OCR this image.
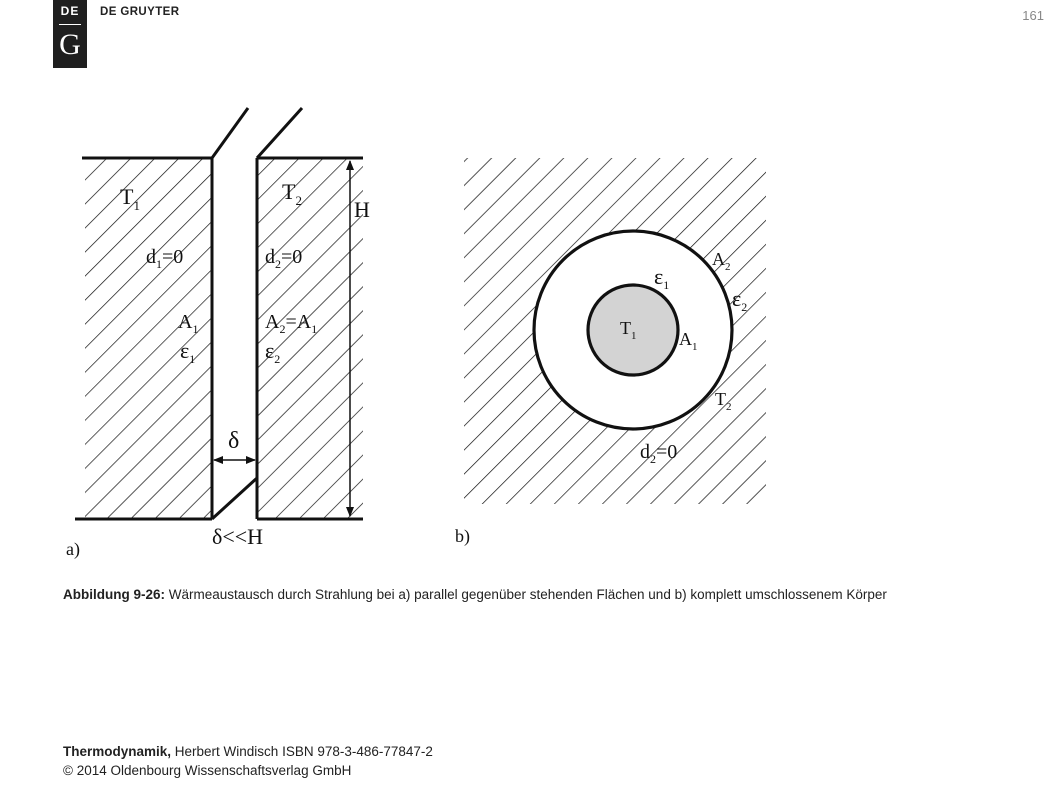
DE
G
DE GRUYTER	161
$T_1$
$T_2$ H
$d_1=0$	$d_2=0$
$A_1$
$\varepsilon_1$
$A_2=A_1$
$\varepsilon_2$
δ
δ<<H
a)
$T_1$
$\varepsilon_1$
$A_1$
$A_2$
$\varepsilon_2$
$T_2$
$d_2=0$
b)
Abbildung 9-26: Wärmeaustausch durch Strahlung bei a) parallel gegenüber stehenden Flächen und b) komplett umschlossenem Körper
Thermodynamik, Herbert Windisch ISBN 978-3-486-77847-2
© 2014 Oldenbourg Wissenschaftsverlag GmbH
